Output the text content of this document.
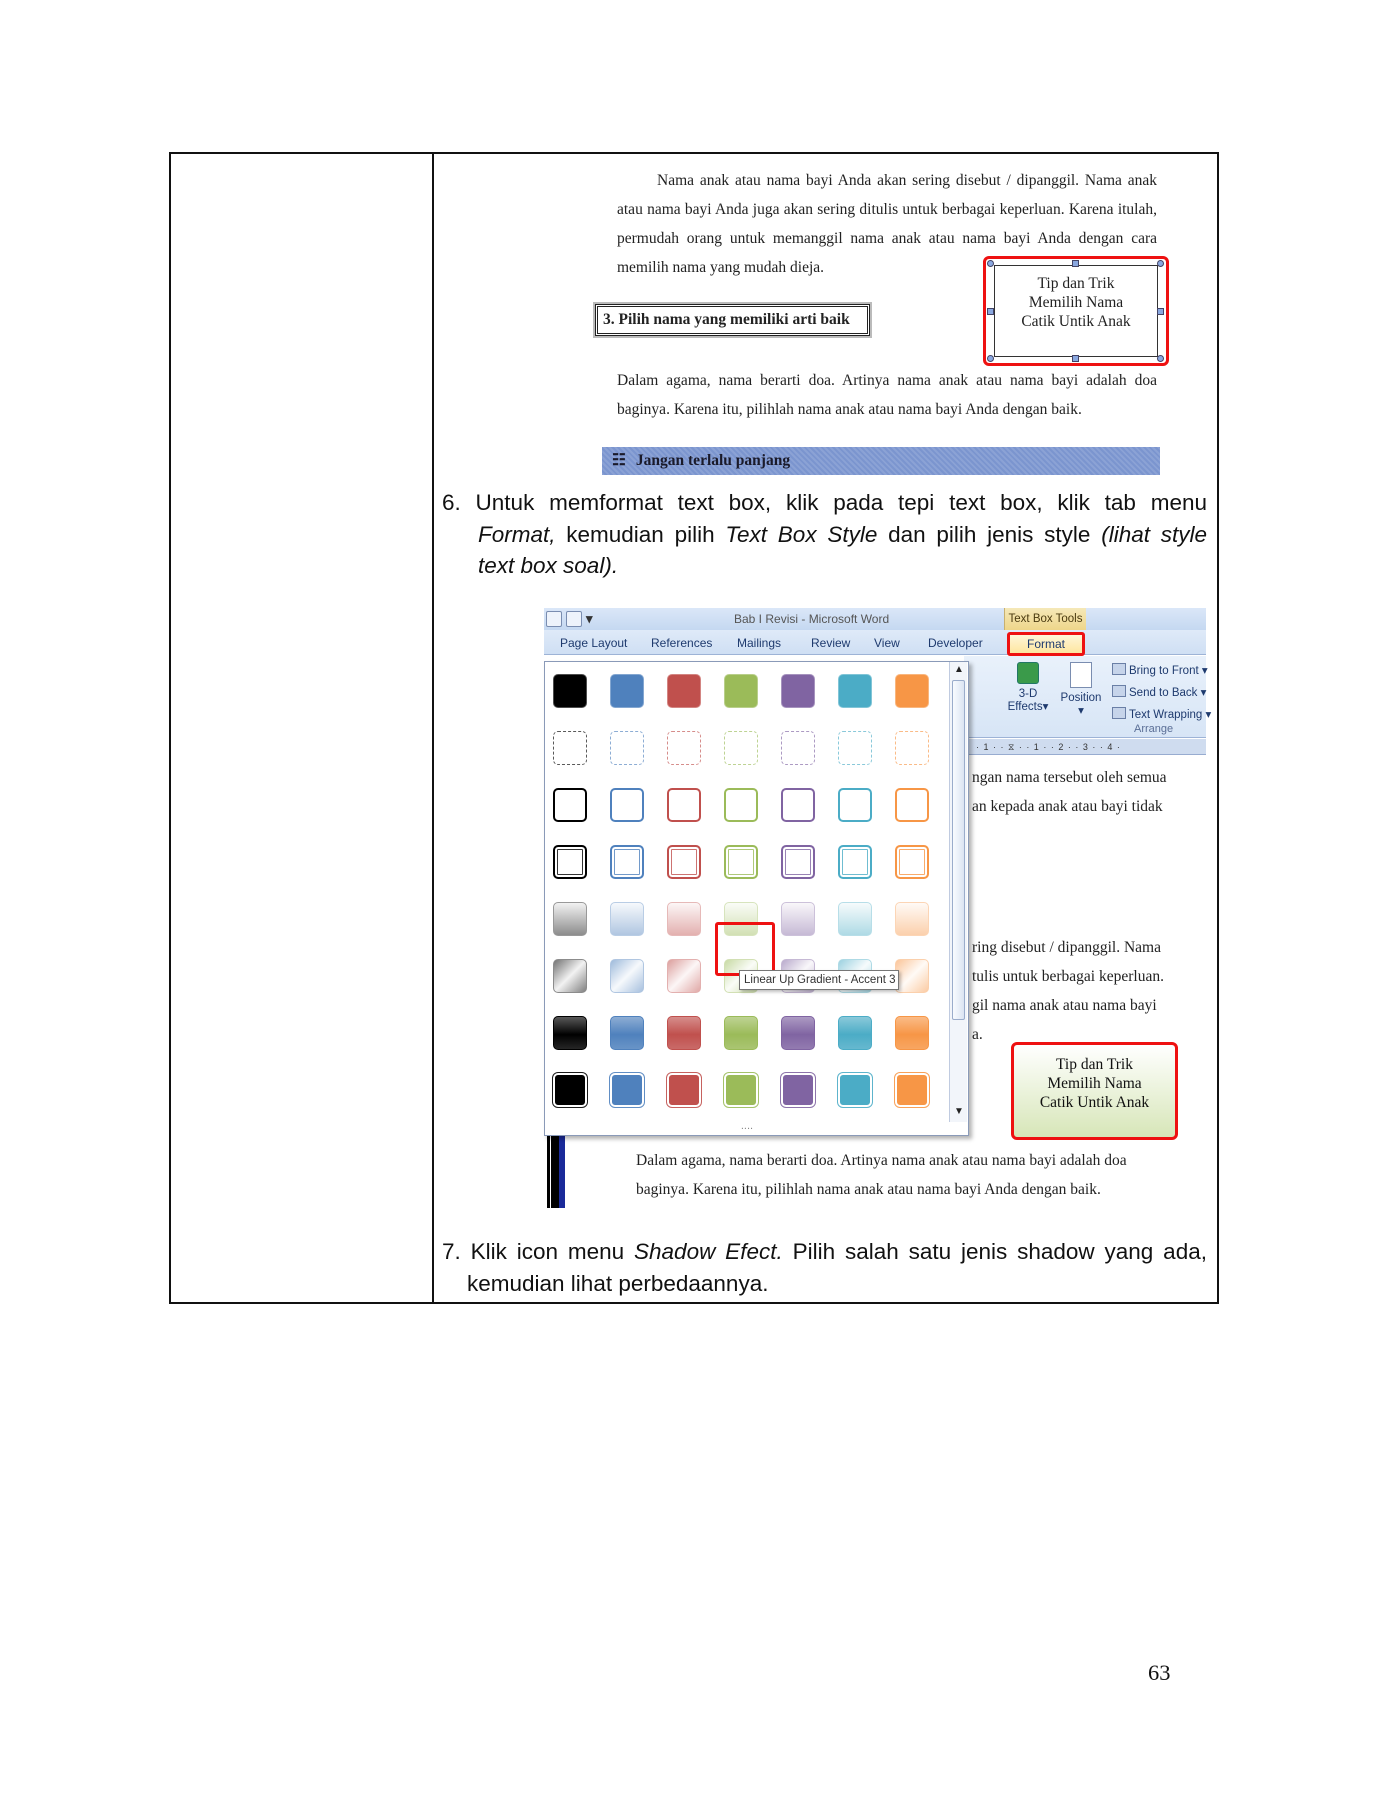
Nama anak atau nama bayi Anda akan sering disebut / dipanggil. Nama anak atau nama bayi Anda juga akan sering ditulis untuk berbagai keperluan. Karena itulah, permudah orang untuk memanggil nama anak atau nama bayi Anda dengan cara memilih nama yang mudah dieja.
3. Pilih nama yang memiliki arti baik
Tip dan Trik
Memilih Nama
Catik Untik Anak
Dalam agama, nama berarti doa. Artinya nama anak atau nama bayi adalah doa baginya. Karena itu, pilihlah nama anak atau nama bayi Anda dengan baik.
☷ Jangan terlalu panjang
6. Untuk memformat text box, klik pada tepi text box, klik tab menu
Format, kemudian pilih Text Box Style dan pilih jenis style (lihat style
text box soal).
▾	Bab I Revisi - Microsoft Word	Text Box Tools
Page Layout References Mailings Review View Developer	Format
3-D
Effects▾
Position
▾
Bring to Front ▾
Send to Back ▾
Text Wrapping ▾
Arrange
· 1 · · ⧖ · · 1 · · 2 · · 3 · · 4 ·
ngan nama tersebut oleh semua
an kepada anak atau bayi tidak
ring disebut / dipanggil. Nama
tulis untuk berbagai keperluan.
gil nama anak atau nama bayi
a.
Tip dan Trik
Memilih Nama
Catik Untik Anak
Dalam agama, nama berarti doa. Artinya nama anak atau nama bayi adalah doa
baginya. Karena itu, pilihlah nama anak atau nama bayi Anda dengan baik.
Linear Up Gradient - Accent 3
▲
▼
....
7. Klik icon menu Shadow Efect. Pilih salah satu jenis shadow yang ada,
kemudian lihat perbedaannya.
63
